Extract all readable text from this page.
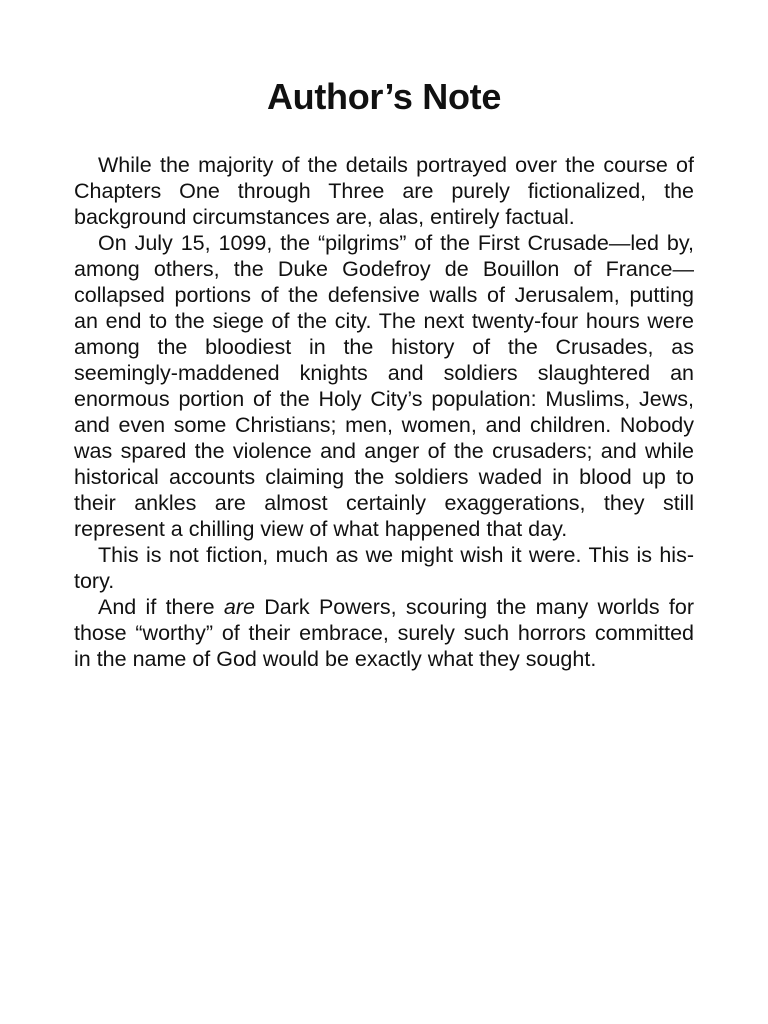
Author’s Note

While the majority of the details portrayed over the course of Chapters One through Three are purely fictionalized, the background circumstances are, alas, entirely factual.

On July 15, 1099, the “pilgrims” of the First Crusade—led by, among others, the Duke Godefroy de Bouillon of France—collapsed portions of the defensive walls of Jerusalem, putting an end to the siege of the city. The next twenty-four hours were among the bloodiest in the history of the Crusades, as seemingly-maddened knights and soldiers slaughtered an enormous portion of the Holy City’s population: Muslims, Jews, and even some Christians; men, women, and children. Nobody was spared the violence and anger of the crusaders; and while historical accounts claiming the soldiers waded in blood up to their ankles are almost certainly exaggerations, they still represent a chilling view of what happened that day.

This is not fiction, much as we might wish it were. This is history.

And if there are Dark Powers, scouring the many worlds for those “worthy” of their embrace, surely such horrors committed in the name of God would be exactly what they sought.
